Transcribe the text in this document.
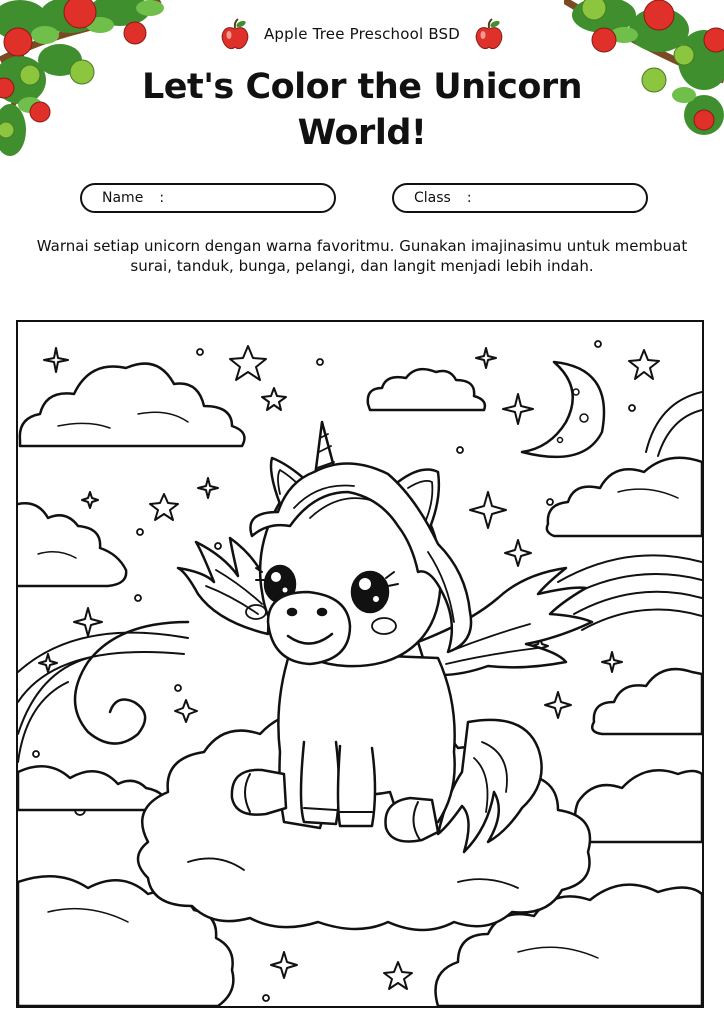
Apple Tree Preschool BSD
Let's Color the Unicorn
World!
Name :	Class :

Warnai setiap unicorn dengan warna favoritmu. Gunakan imajinasimu untuk membuat surai, tanduk, bunga, pelangi, dan langit menjadi lebih indah.
